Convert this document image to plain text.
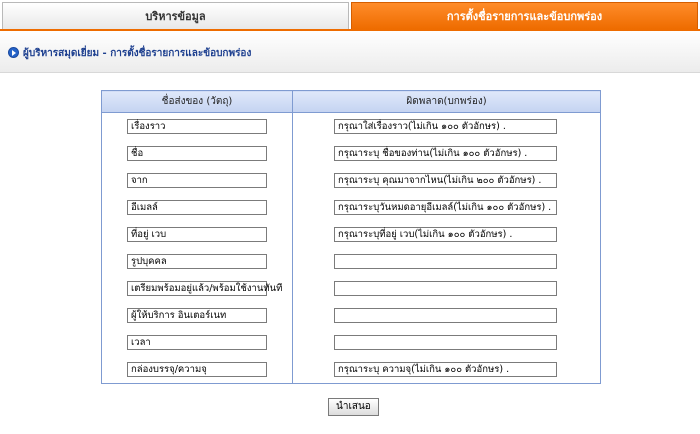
บริหารข้อมูล	การตั้งชื่อรายการและข้อบกพร่อง
ผู้บริหารสมุดเยี่ยม - การตั้งชื่อรายการและข้อบกพร่อง
ชื่อส่งของ (วัตถุ)	ผิดพลาด(บกพร่อง)

เรื่องราว	กรุณาใส่เรื่องราว(ไม่เกิน ๑๐๐ ตัวอักษร) .

ชื่อ	กรุณาระบุ ชื่อของท่าน(ไม่เกิน ๑๐๐ ตัวอักษร) .

จาก	กรุณาระบุ คุณมาจากไหน(ไม่เกิน ๒๐๐ ตัวอักษร) .

อีเมลล์	กรุณาระบุวันหมดอายุอีเมลล์(ไม่เกิน ๑๐๐ ตัวอักษร) .

ที่อยู่ เวบ	กรุณาระบุที่อยู่ เวบ(ไม่เกิน ๑๐๐ ตัวอักษร) .

รูปบุคคล	

เตรียมพร้อมอยู่แล้ว/พร้อมใช้งานทันที	

ผู้ให้บริการ อินเตอร์เนท	

เวลา	

กล่องบรรจุ/ความจุ	กรุณาระบุ ความจุ(ไม่เกิน ๑๐๐ ตัวอักษร) .
นำเสนอ
